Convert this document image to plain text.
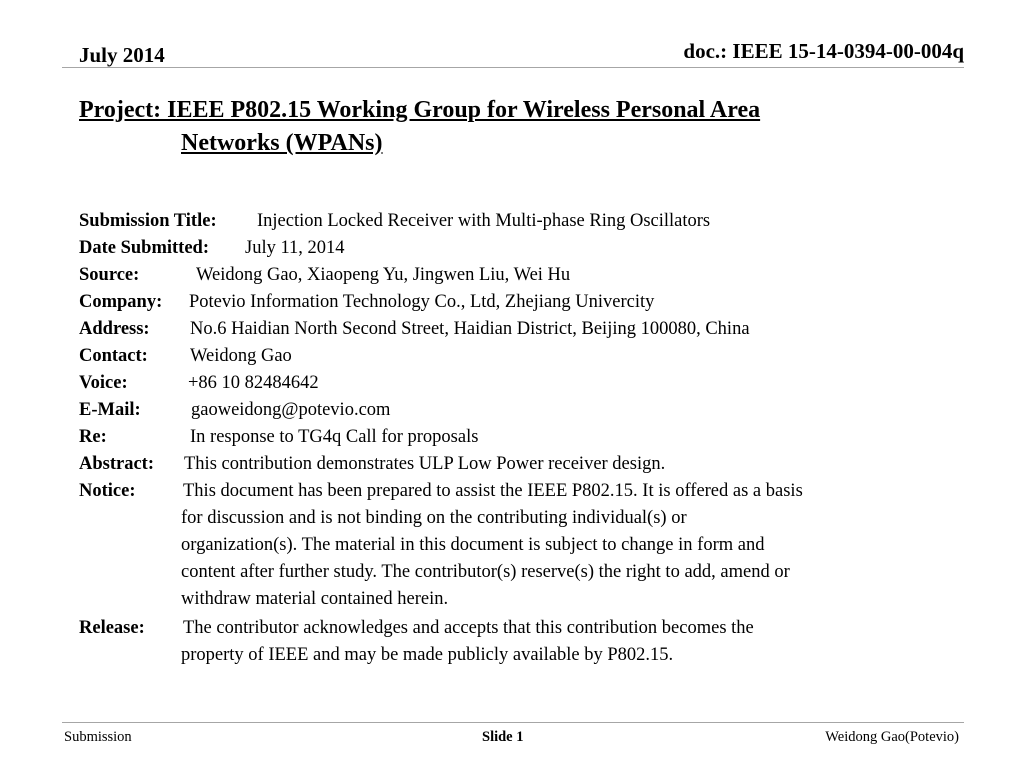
July 2014	doc.: IEEE 15-14-0394-00-004q
Project: IEEE P802.15 Working Group for Wireless Personal Area
Networks (WPANs)
Submission Title: Injection Locked Receiver with Multi-phase Ring Oscillators
Date Submitted: July 11, 2014
Source:	Weidong Gao, Xiaopeng Yu, Jingwen Liu, Wei Hu
Company: Potevio Information Technology Co., Ltd, Zhejiang Univercity
Address: No.6 Haidian North Second Street, Haidian District, Beijing 100080, China
Contact: Weidong Gao
Voice:	+86 10 82484642
E-Mail:	gaoweidong@potevio.com
Re:	In response to TG4q Call for proposals
Abstract: This contribution demonstrates ULP Low Power receiver design.
Notice:	This document has been prepared to assist the IEEE P802.15. It is offered as a basis
for discussion and is not binding on the contributing individual(s) or
organization(s). The material in this document is subject to change in form and
content after further study. The contributor(s) reserve(s) the right to add, amend or
withdraw material contained herein.
Release: The contributor acknowledges and accepts that this contribution becomes the
property of IEEE and may be made publicly available by P802.15.
Submission	Slide 1	Weidong Gao(Potevio)
